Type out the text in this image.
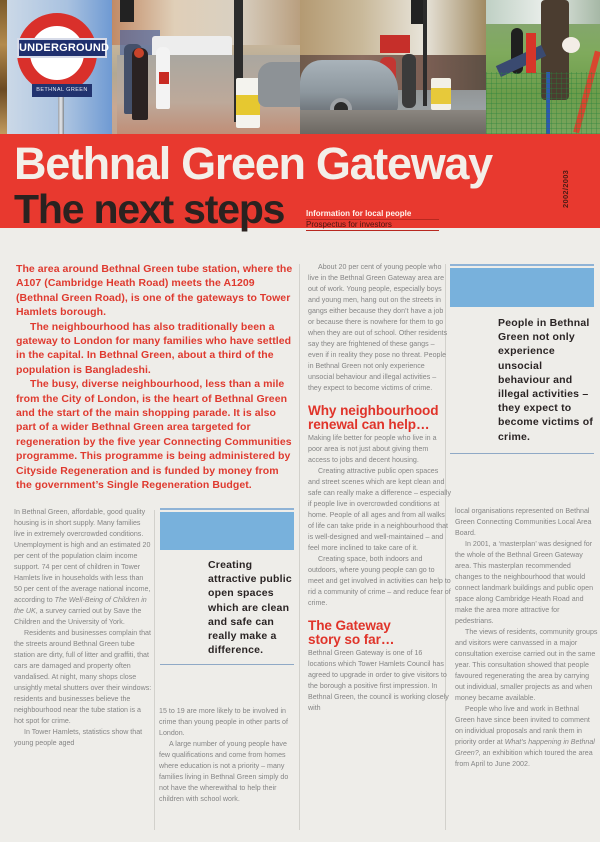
UNDERGROUND
BETHNAL GREEN
Bethnal Green Gateway
The next steps	Information for local people
Prospectus for investors
2002/2003

The area around Bethnal Green tube station, where the A107 (Cambridge Heath Road) meets the A1209 (Bethnal Green Road), is one of the gateways to Tower Hamlets borough.

The neighbourhood has also traditionally been a gateway to London for many families who have settled in the capital. In Bethnal Green, about a third of the population is Bangladeshi.

The busy, diverse neighbourhood, less than a mile from the City of London, is the heart of Bethnal Green and the start of the main shopping parade. It is also part of a wider Bethnal Green area targeted for regeneration by the five year Connecting Communities programme. This programme is being administered by Cityside Regeneration and is funded by money from the government’s Single Regeneration Budget.

In Bethnal Green, affordable, good quality housing is in short supply. Many families live in extremely overcrowded conditions. Unemployment is high and an estimated 20 per cent of the population claim income support. 74 per cent of children in Tower Hamlets live in households with less than 50 per cent of the average national income, according to The Well-Being of Children in the UK, a survey carried out by Save the Children and the University of York.

Residents and businesses complain that the streets around Bethnal Green tube station are dirty, full of litter and graffiti, that cars are damaged and property often vandalised. At night, many shops close unsightly metal shutters over their windows: residents and businesses believe the neighbourhood near the tube station is a hot spot for crime.

In Tower Hamlets, statistics show that young people aged

Creating attractive public open spaces which are clean and safe can really make a difference.

15 to 19 are more likely to be involved in crime than young people in other parts of London.

A large number of young people have few qualifications and come from homes where education is not a priority – many families living in Bethnal Green simply do not have the wherewithal to help their children with school work.

About 20 per cent of young people who live in the Bethnal Green Gateway area are out of work. Young people, especially boys and young men, hang out on the streets in gangs either because they don’t have a job or because there is nowhere for them to go when they are out of school. Other residents say they are frightened of these gangs – even if in reality they pose no threat. People in Bethnal Green not only experience unsocial behaviour and illegal activities – they expect to become victims of crime.

Why neighbourhood renewal can help…

Making life better for people who live in a poor area is not just about giving them access to jobs and decent housing.

Creating attractive public open spaces and street scenes which are kept clean and safe can really make a difference – especially if people live in overcrowded conditions at home. People of all ages and from all walks of life can take pride in a neighbourhood that is well-designed and well-maintained – and feel more inclined to take care of it.

Creating space, both indoors and outdoors, where young people can go to meet and get involved in activities can help to rid a community of crime – and reduce fear of crime.

The Gateway story so far…

Bethnal Green Gateway is one of 16 locations which Tower Hamlets Council has agreed to upgrade in order to give visitors to the borough a positive first impression. In Bethnal Green, the council is working closely with

People in Bethnal Green not only experience unsocial behaviour and illegal activities – they expect to become victims of crime.

local organisations represented on Bethnal Green Connecting Communities Local Area Board.

In 2001, a ‘masterplan’ was designed for the whole of the Bethnal Green Gateway area. This masterplan recommended changes to the neighbourhood that would connect landmark buildings and public open space along Cambridge Heath Road and make the area more attractive for pedestrians.

The views of residents, community groups and visitors were canvassed in a major consultation exercise carried out in the same year. This consultation showed that people favoured regenerating the area by carrying out individual, smaller projects as and when money became available.

People who live and work in Bethnal Green have since been invited to comment on individual proposals and rank them in priority order at What’s happening in Bethnal Green?, an exhibition which toured the area from April to June 2002.
